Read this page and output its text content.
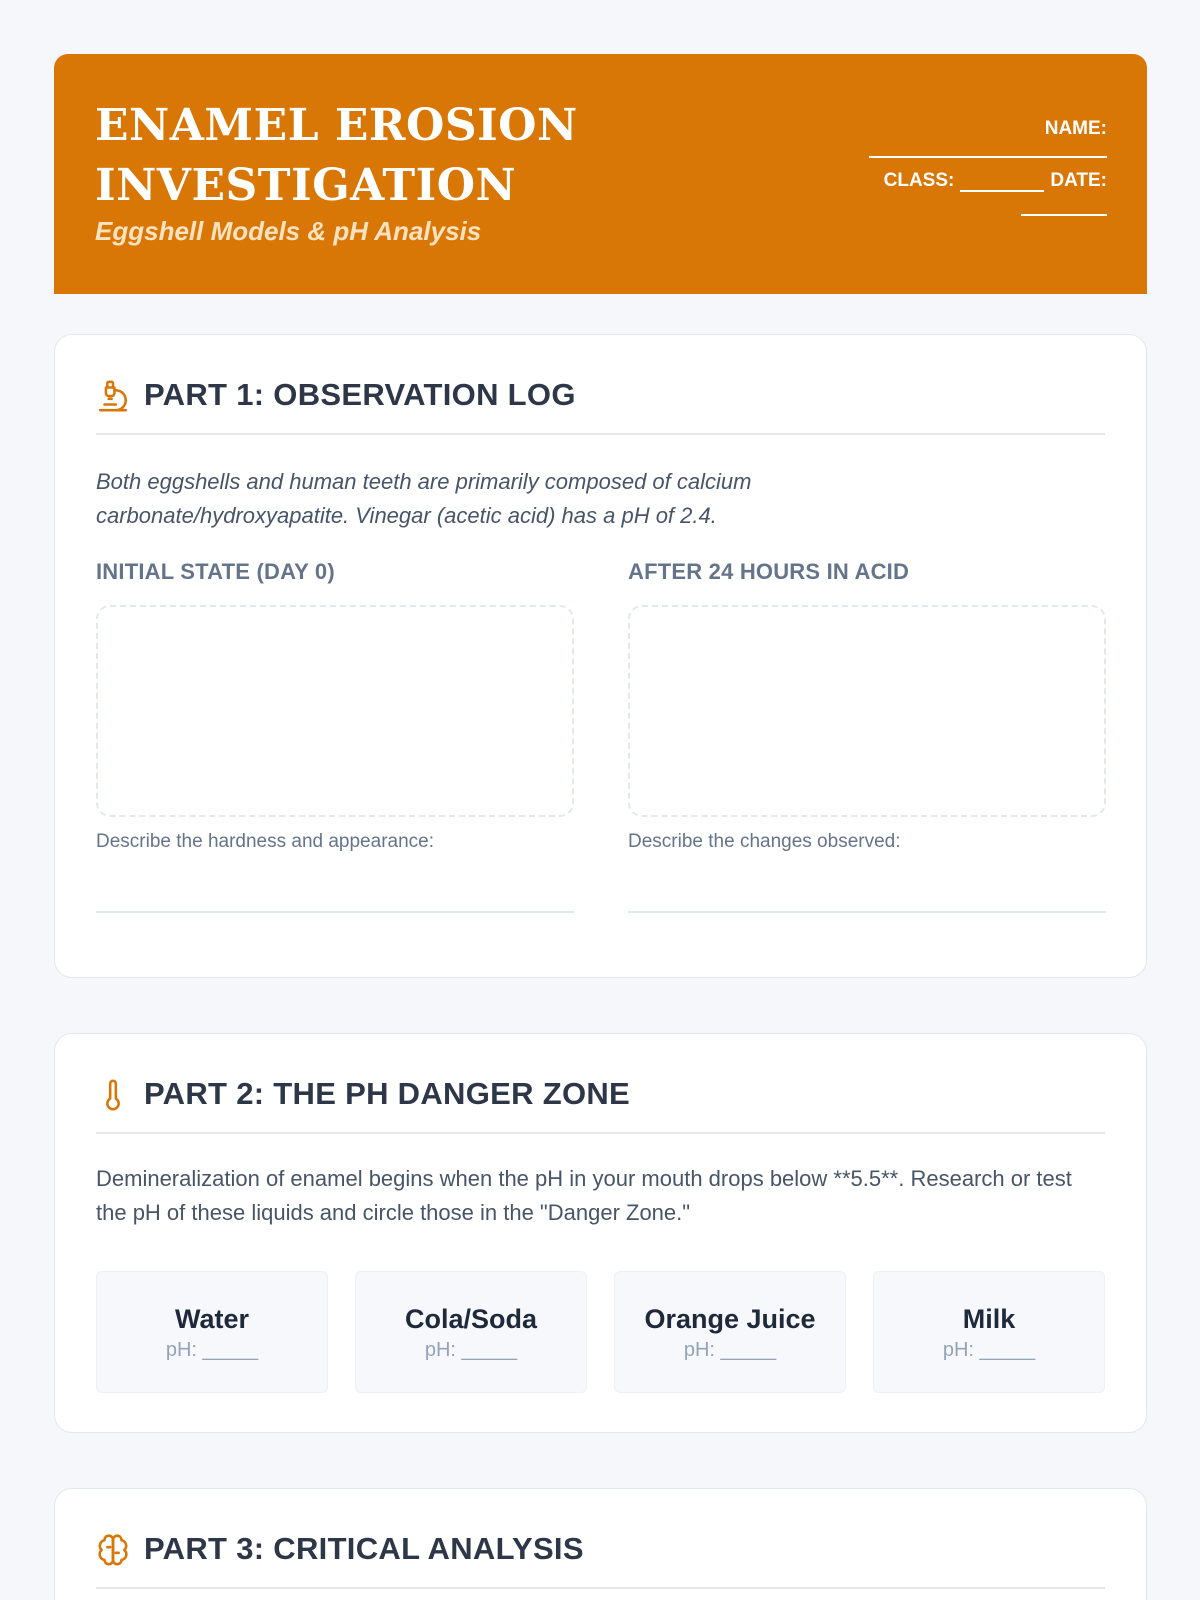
ENAMEL EROSION
INVESTIGATION
Eggshell Models & pH Analysis
NAME:
CLASS:	DATE:
PART 1: OBSERVATION LOG
Both eggshells and human teeth are primarily composed of calcium carbonate/hydroxyapatite. Vinegar (acetic acid) has a pH of 2.4.
INITIAL STATE (DAY 0)
Describe the hardness and appearance:
AFTER 24 HOURS IN ACID
Describe the changes observed:
PART 2: THE PH DANGER ZONE
Demineralization of enamel begins when the pH in your mouth drops below **5.5**. Research or test the pH of these liquids and circle those in the "Danger Zone."
Water
pH: _____
Cola/Soda
pH: _____
Orange Juice
pH: _____
Milk
pH: _____
PART 3: CRITICAL ANALYSIS
